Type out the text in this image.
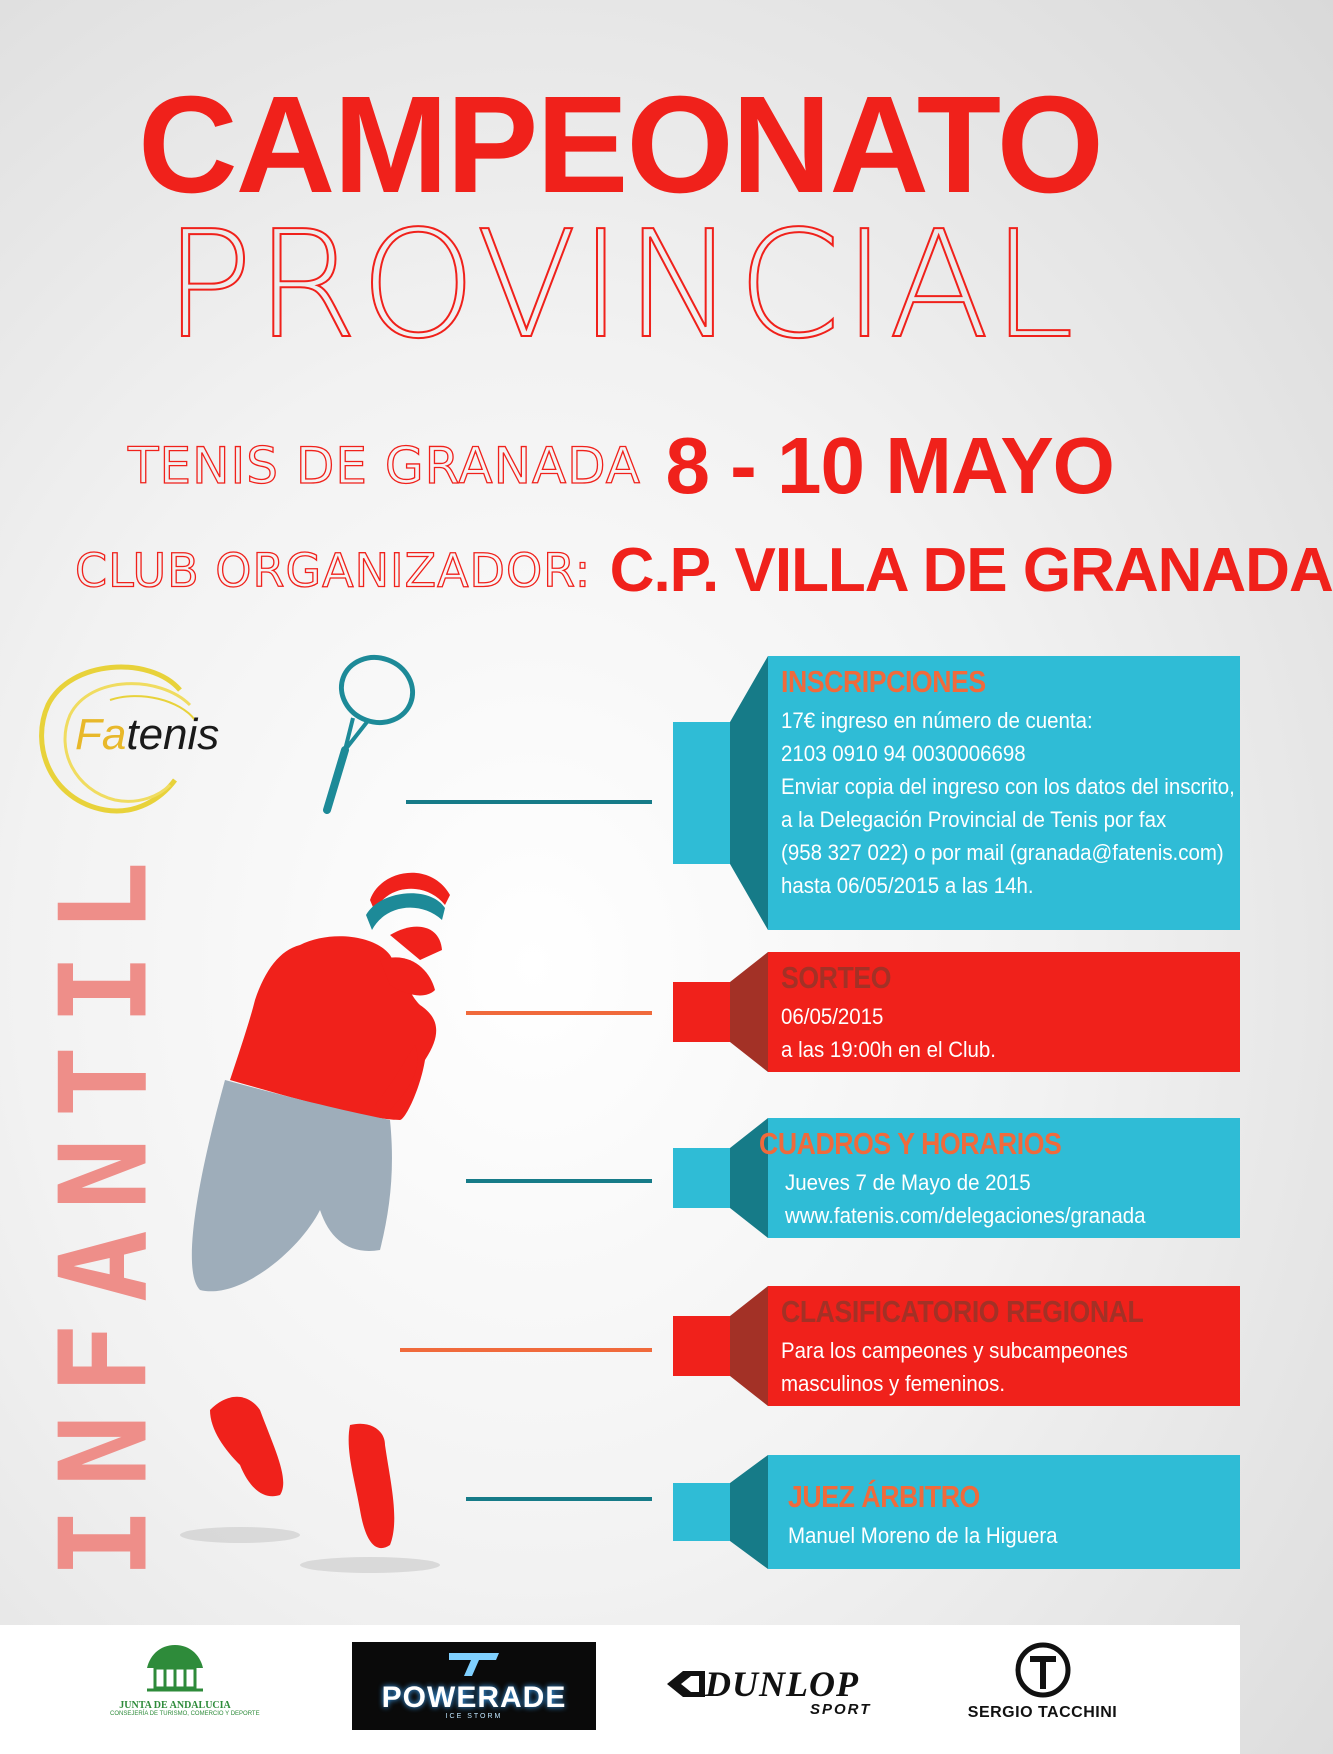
CAMPEONATO
PROVINCIAL
TENIS DE GRANADA 8 - 10 MAYO
CLUB ORGANIZADOR: C.P. VILLA DE GRANADA
Fatenis
INFANTIL
INSCRIPCIONES
17€ ingreso en número de cuenta:
2103 0910 94 0030006698
Enviar copia del ingreso con los datos del inscrito,
a la Delegación Provincial de Tenis por fax
(958 327 022) o por mail (granada@fatenis.com)
hasta 06/05/2015 a las 14h.
SORTEO
06/05/2015
a las 19:00h en el Club.
CUADROS Y HORARIOS
Jueves 7 de Mayo de 2015
www.fatenis.com/delegaciones/granada
CLASIFICATORIO REGIONAL
Para los campeones y subcampeones
masculinos y femeninos.
JUEZ ÁRBITRO
Manuel Moreno de la Higuera
JUNTA DE ANDALUCIA
CONSEJERÍA DE TURISMO, COMERCIO Y DEPORTE	POWERADE
ICE STORM
DUNLOP
SPORT	SERGIO TACCHINI
